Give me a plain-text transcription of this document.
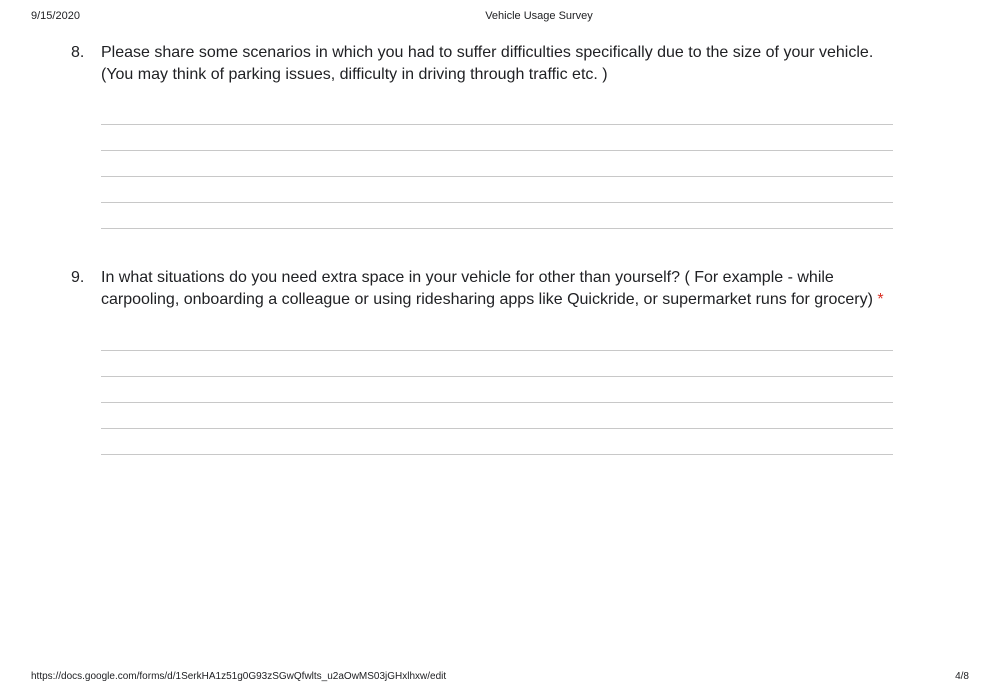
9/15/2020	Vehicle Usage Survey
8. Please share some scenarios in which you had to suffer difficulties specifically due to the size of your vehicle. (You may think of parking issues, difficulty in driving through traffic etc. )
9. In what situations do you need extra space in your vehicle for other than yourself? ( For example - while carpooling, onboarding a colleague or using ridesharing apps like Quickride, or supermarket runs for grocery) *
https://docs.google.com/forms/d/1SerkHA1z51g0G93zSGwQfwlts_u2aOwMS03jGHxlhxw/edit	4/8
